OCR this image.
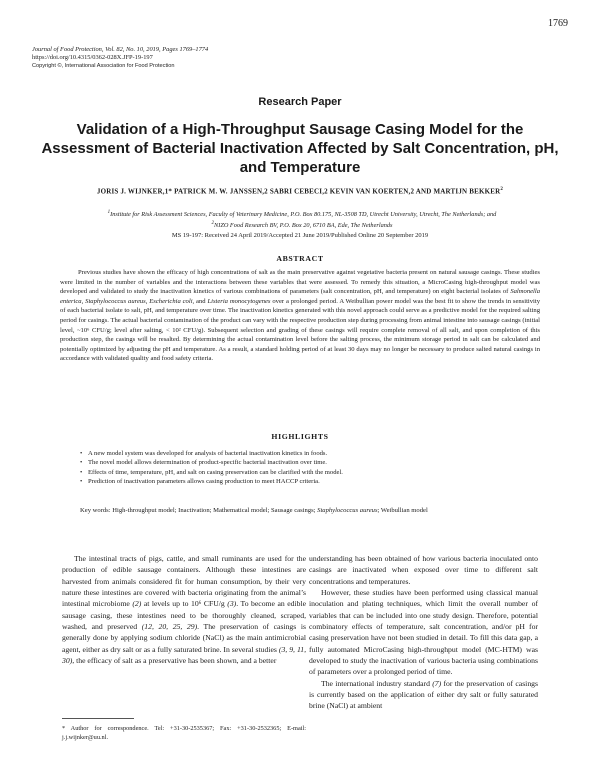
1769
Journal of Food Protection, Vol. 82, No. 10, 2019, Pages 1769–1774
https://doi.org/10.4315/0362-028X.JFP-19-197
Copyright ©, International Association for Food Protection
Research Paper
Validation of a High-Throughput Sausage Casing Model for the Assessment of Bacterial Inactivation Affected by Salt Concentration, pH, and Temperature
JORIS J. WIJNKER,1* PATRICK M. W. JANSSEN,2 SABRI CEBECI,2 KEVIN VAN KOERTEN,2 AND MARTIJN BEKKER$^2$
$^1$Institute for Risk Assessment Sciences, Faculty of Veterinary Medicine, P.O. Box 80.175, NL-3508 TD, Utrecht University, Utrecht, The Netherlands; and
$^2$NIZO Food Research BV, P.O. Box 20, 6710 BA, Ede, The Netherlands
MS 19-197: Received 24 April 2019/Accepted 21 June 2019/Published Online 20 September 2019
ABSTRACT
Previous studies have shown the efficacy of high concentrations of salt as the main preservative against vegetative bacteria present on natural sausage casings. These studies were limited in the number of variables and the interactions between these variables that were assessed. To remedy this situation, a MicroCasing high-throughput model was developed and validated to study the inactivation kinetics of various combinations of parameters (salt concentration, pH, and temperature) on eight bacterial isolates of Salmonella enterica, Staphylococcus aureus, Escherichia coli, and Listeria monocytogenes over a prolonged period. A Weibullian power model was the best fit to show the trends in sensitivity of each bacterial isolate to salt, pH, and temperature over time. The inactivation kinetics generated with this novel approach could serve as a predictive model for the required salting period for casings. The actual bacterial contamination of the product can vary with the respective production step during processing from animal intestine into sausage casings (initial level, ~10⁶ CFU/g; level after salting, < 10² CFU/g). Subsequent selection and grading of these casings will require complete removal of all salt, and upon completion of this production step, the casings will be resalted. By determining the actual contamination level before the salting process, the minimum storage period in salt can be calculated and potentially optimized by adjusting the pH and temperature. As a result, a standard holding period of at least 30 days may no longer be necessary to produce salted natural casings in accordance with validated quality and food safety criteria.
HIGHLIGHTS
• A new model system was developed for analysis of bacterial inactivation kinetics in foods.
• The novel model allows determination of product-specific bacterial inactivation over time.
• Effects of time, temperature, pH, and salt on casing preservation can be clarified with the model.
• Prediction of inactivation parameters allows casing production to meet HACCP criteria.
Key words: High-throughput model; Inactivation; Mathematical model; Sausage casings; Staphylococcus aureus; Weibullian model

The intestinal tracts of pigs, cattle, and small ruminants are used for the production of edible sausage containers. Although these intestines are harvested from animals considered fit for human consumption, by their very nature these intestines are covered with bacteria originating from the animal’s intestinal microbiome (2) at levels up to 10⁶ CFU/g (3). To become an edible sausage casing, these intestines need to be thoroughly cleaned, scraped, washed, and preserved (12, 20, 25, 29). The preservation of casings is generally done by applying sodium chloride (NaCl) as the main antimicrobial agent, either as dry salt or as a fully saturated brine. In several studies (3, 9, 11, 30), the efficacy of salt as a preservative has been shown, and a better

understanding has been obtained of how various bacteria inoculated onto casings are inactivated when exposed over time to different salt concentrations and temperatures.

However, these studies have been performed using classical manual inoculation and plating techniques, which limit the overall number of variables that can be included into one study design. Therefore, potential combinatory effects of temperature, salt concentration, and/or pH for casing preservation have not been studied in detail. To fill this data gap, a fully automated MicroCasing high-throughput model (MC-HTM) was developed to study the inactivation of various bacteria using combinations of parameters over a prolonged period of time.

The international industry standard (7) for the preservation of casings is currently based on the application of either dry salt or fully saturated brine (NaCl) at ambient

* Author for correspondence. Tel: +31-30-2535367; Fax: +31-30-2532365; E-mail: j.j.wijnker@uu.nl.
